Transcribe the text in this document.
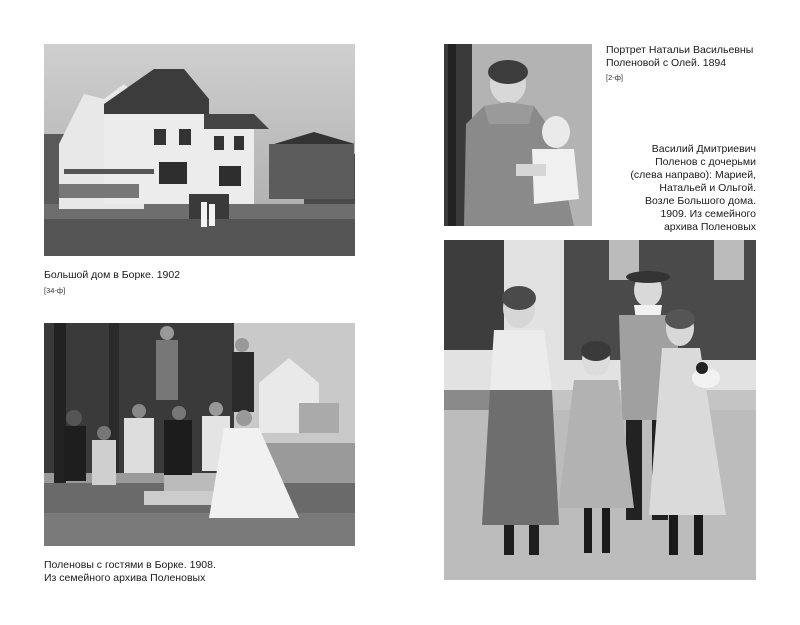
Большой дом в Борке. 1902
[34-ф]
Поленовы с гостями в Борке. 1908.
Из семейного архива Поленовых
Портрет Натальи Васильевны
Поленовой с Олей. 1894
[2-ф]
Василий Дмитриевич
Поленов с дочерьми
(слева направо): Марией,
Натальей и Ольгой.
Возле Большого дома.
1909. Из семейного
архива Поленовых
